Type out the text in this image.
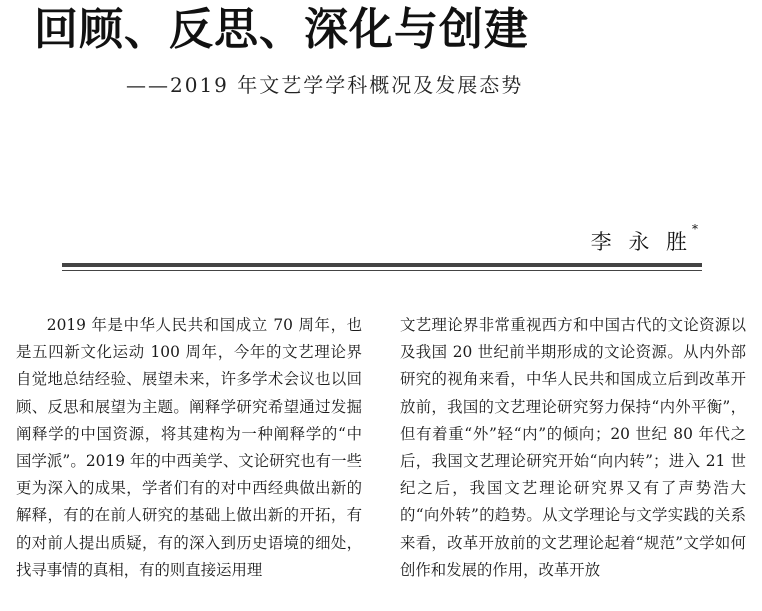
回顾、反思、深化与创建
——2019 年文艺学学科概况及发展态势
李 永 胜*

2019 年是中华人民共和国成立 70 周年，也是五四新文化运动 100 周年，今年的文艺理论界自觉地总结经验、展望未来，许多学术会议也以回顾、反思和展望为主题。阐释学研究希望通过发掘阐释学的中国资源，将其建构为一种阐释学的“中国学派”。2019 年的中西美学、文论研究也有一些更为深入的成果，学者们有的对中西经典做出新的解释，有的在前人研究的基础上做出新的开拓，有的对前人提出质疑，有的深入到历史语境的细处，找寻事情的真相，有的则直接运用理

文艺理论界非常重视西方和中国古代的文论资源以及我国 20 世纪前半期形成的文论资源。从内外部研究的视角来看，中华人民共和国成立后到改革开放前，我国的文艺理论研究努力保持“内外平衡”，但有着重“外”轻“内”的倾向；20 世纪 80 年代之后，我国文艺理论研究开始“向内转”；进入 21 世纪之后，我国文艺理论研究界又有了声势浩大的“向外转”的趋势。从文学理论与文学实践的关系来看，改革开放前的文艺理论起着“规范”文学如何创作和发展的作用，改革开放
